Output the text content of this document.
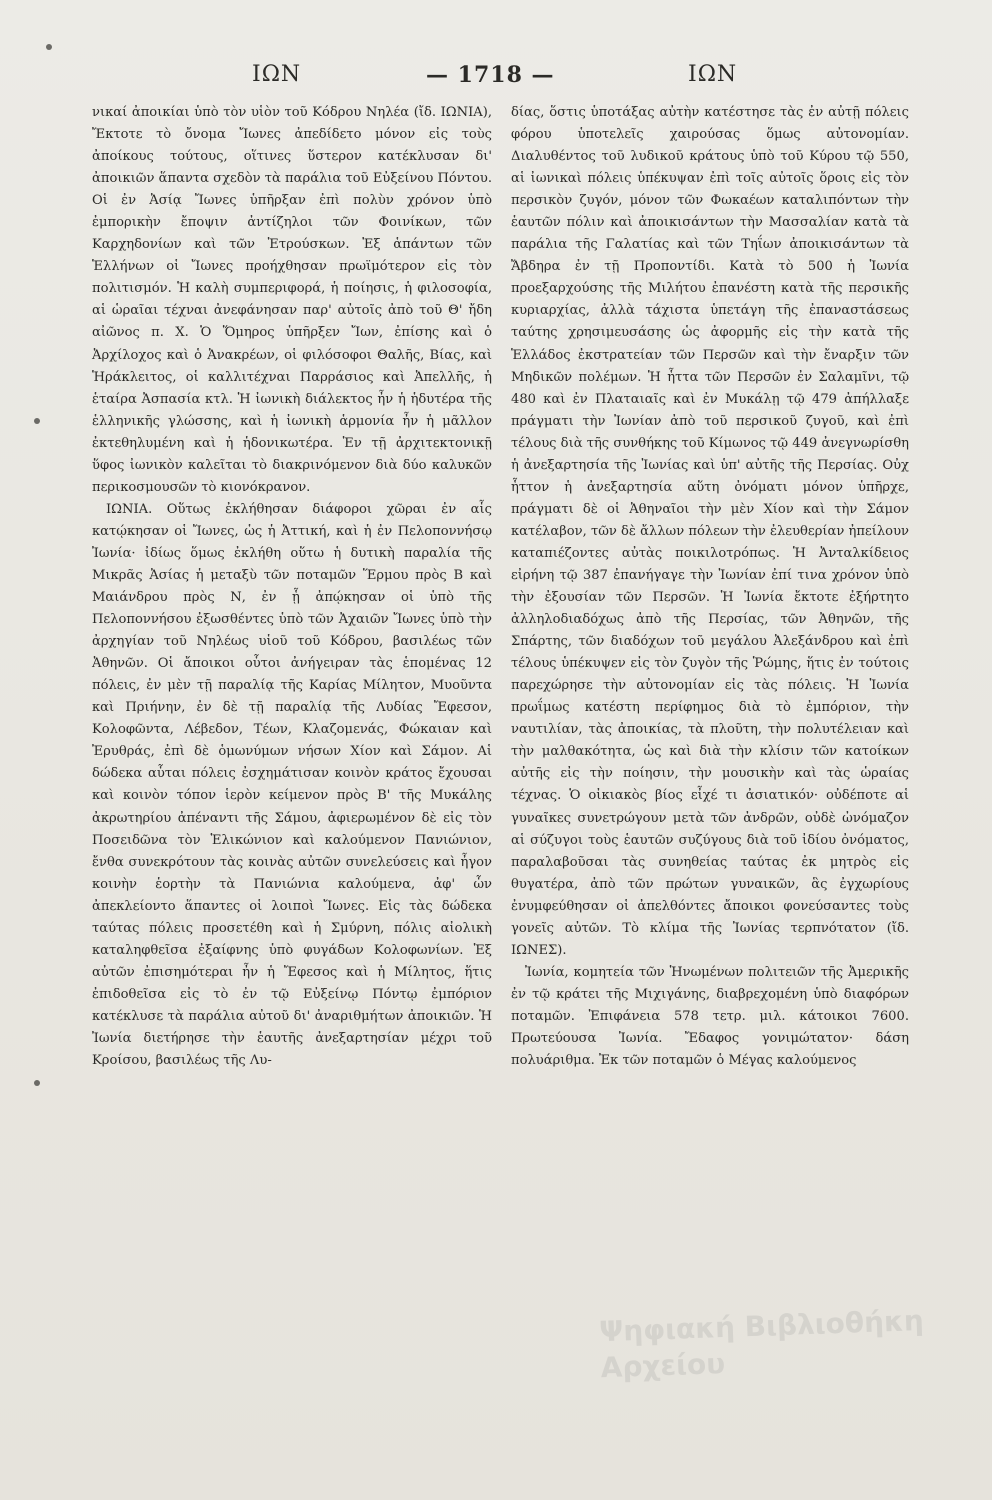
ΙΩΝ	— 1718 —	ΙΩΝ

νικαί ἀποικίαι ὑπὸ τὸν υἱὸν τοῦ Κόδρου Νηλέα (ἴδ. ΙΩΝΙΑ), Ἔκτοτε τὸ ὄνομα Ἴωνες ἀπεδίδετο μόνον εἰς τοὺς ἀποίκους τούτους, οἵτινες ὕστερον κατέκλυσαν δι' ἀποικιῶν ἅπαντα σχεδὸν τὰ παράλια τοῦ Εὐξείνου Πόντου. Οἱ ἐν Ἀσίᾳ Ἴωνες ὑπῆρξαν ἐπὶ πολὺν χρόνον ὑπὸ ἐμπορικὴν ἔποψιν ἀντίζηλοι τῶν Φοινίκων, τῶν Καρχηδονίων καὶ τῶν Ἐτρούσκων. Ἐξ ἁπάντων τῶν Ἑλλήνων οἱ Ἴωνες προήχθησαν πρωϊμότερον εἰς τὸν πολιτισμόν. Ἡ καλὴ συμπεριφορά, ἡ ποίησις, ἡ φιλοσοφία, αἱ ὡραῖαι τέχναι ἀνεφάνησαν παρ' αὐτοῖς ἀπὸ τοῦ Θ' ἤδη αἰῶνος π. Χ. Ὁ Ὅμηρος ὑπῆρξεν Ἴων, ἐπίσης καὶ ὁ Ἀρχίλοχος καὶ ὁ Ἀνακρέων, οἱ φιλόσοφοι Θαλῆς, Βίας, καὶ Ἡράκλειτος, οἱ καλλιτέχναι Παρράσιος καὶ Ἀπελλῆς, ἡ ἑταίρα Ἀσπασία κτλ. Ἡ ἰωνικὴ διάλεκτος ἦν ἡ ἡδυτέρα τῆς ἑλληνικῆς γλώσσης, καὶ ἡ ἰωνικὴ ἁρμονία ἦν ἡ μᾶλλον ἐκτεθηλυμένη καὶ ἡ ἡδονικωτέρα. Ἐν τῇ ἀρχιτεκτονικῇ ὕφος ἰωνικὸν καλεῖται τὸ διακρινόμενον διὰ δύο καλυκῶν περικοσμουσῶν τὸ κιονόκρανον.

ΙΩΝΙΑ. Οὕτως ἐκλήθησαν διάφοροι χῶραι ἐν αἷς κατῴκησαν οἱ Ἴωνες, ὡς ἡ Ἀττική, καὶ ἡ ἐν Πελοποννήσῳ Ἰωνία· ἰδίως ὅμως ἐκλήθη οὕτω ἡ δυτικὴ παραλία τῆς Μικρᾶς Ἀσίας ἡ μεταξὺ τῶν ποταμῶν Ἕρμου πρὸς Β καὶ Μαιάνδρου πρὸς Ν, ἐν ᾗ ἀπῴκησαν οἱ ὑπὸ τῆς Πελοποννήσου ἐξωσθέντες ὑπὸ τῶν Ἀχαιῶν Ἴωνες ὑπὸ τὴν ἀρχηγίαν τοῦ Νηλέως υἱοῦ τοῦ Κόδρου, βασιλέως τῶν Ἀθηνῶν. Οἱ ἄποικοι οὗτοι ἀνήγειραν τὰς ἑπομένας 12 πόλεις, ἐν μὲν τῇ παραλίᾳ τῆς Καρίας Μίλητον, Μυοῦντα καὶ Πριήνην, ἐν δὲ τῇ παραλίᾳ τῆς Λυδίας Ἔφεσον, Κολοφῶντα, Λέβεδον, Τέων, Κλαζομενάς, Φώκαιαν καὶ Ἐρυθράς, ἐπὶ δὲ ὁμωνύμων νήσων Χίον καὶ Σάμον. Αἱ δώδεκα αὗται πόλεις ἐσχημάτισαν κοινὸν κράτος ἔχουσαι καὶ κοινὸν τόπον ἱερὸν κείμενον πρὸς Β' τῆς Μυκάλης ἀκρωτηρίου ἀπέναντι τῆς Σάμου, ἀφιερωμένον δὲ εἰς τὸν Ποσειδῶνα τὸν Ἑλικώνιον καὶ καλούμενον Πανιώνιον, ἔνθα συνεκρότουν τὰς κοινὰς αὐτῶν συνελεύσεις καὶ ἦγον κοινὴν ἑορτὴν τὰ Πανιώνια καλούμενα, ἀφ' ὧν ἀπεκλείοντο ἅπαντες οἱ λοιποὶ Ἴωνες. Εἰς τὰς δώδεκα ταύτας πόλεις προσετέθη καὶ ἡ Σμύρνη, πόλις αἰολικὴ καταληφθεῖσα ἐξαίφνης ὑπὸ φυγάδων Κολοφωνίων. Ἐξ αὐτῶν ἐπισημότεραι ἦν ἡ Ἔφεσος καὶ ἡ Μίλητος, ἥτις ἐπιδοθεῖσα εἰς τὸ ἐν τῷ Εὐξείνῳ Πόντῳ ἐμπόριον κατέκλυσε τὰ παράλια αὐτοῦ δι' ἀναριθμήτων ἀποικιῶν. Ἡ Ἰωνία διετήρησε τὴν ἑαυτῆς ἀνεξαρτησίαν μέχρι τοῦ Κροίσου, βασιλέως τῆς Λυ-

δίας, ὅστις ὑποτάξας αὐτὴν κατέστησε τὰς ἐν αὐτῇ πόλεις φόρου ὑποτελεῖς χαιρούσας ὅμως αὐτονομίαν. Διαλυθέντος τοῦ λυδικοῦ κράτους ὑπὸ τοῦ Κύρου τῷ 550, αἱ ἰωνικαὶ πόλεις ὑπέκυψαν ἐπὶ τοῖς αὐτοῖς ὅροις εἰς τὸν περσικὸν ζυγόν, μόνον τῶν Φωκαέων καταλιπόντων τὴν ἑαυτῶν πόλιν καὶ ἀποικισάντων τὴν Μασσαλίαν κατὰ τὰ παράλια τῆς Γαλατίας καὶ τῶν Τηΐων ἀποικισάντων τὰ Ἄβδηρα ἐν τῇ Προποντίδι. Κατὰ τὸ 500 ἡ Ἰωνία προεξαρχούσης τῆς Μιλήτου ἐπανέστη κατὰ τῆς περσικῆς κυριαρχίας, ἀλλὰ τάχιστα ὑπετάγη τῆς ἐπαναστάσεως ταύτης χρησιμευσάσης ὡς ἀφορμῆς εἰς τὴν κατὰ τῆς Ἑλλάδος ἐκστρατείαν τῶν Περσῶν καὶ τὴν ἔναρξιν τῶν Μηδικῶν πολέμων. Ἡ ἧττα τῶν Περσῶν ἐν Σαλαμῖνι, τῷ 480 καὶ ἐν Πλαταιαῖς καὶ ἐν Μυκάλῃ τῷ 479 ἀπήλλαξε πράγματι τὴν Ἰωνίαν ἀπὸ τοῦ περσικοῦ ζυγοῦ, καὶ ἐπὶ τέλους διὰ τῆς συνθήκης τοῦ Κίμωνος τῷ 449 ἀνεγνωρίσθη ἡ ἀνεξαρτησία τῆς Ἰωνίας καὶ ὑπ' αὐτῆς τῆς Περσίας. Οὐχ ἧττον ἡ ἀνεξαρτησία αὕτη ὀνόματι μόνον ὑπῆρχε, πράγματι δὲ οἱ Ἀθηναῖοι τὴν μὲν Χίον καὶ τὴν Σάμον κατέλαβον, τῶν δὲ ἄλλων πόλεων τὴν ἐλευθερίαν ἠπείλουν καταπιέζοντες αὐτὰς ποικιλοτρόπως. Ἡ Ἀνταλκίδειος εἰρήνη τῷ 387 ἐπανήγαγε τὴν Ἰωνίαν ἐπί τινα χρόνον ὑπὸ τὴν ἐξουσίαν τῶν Περσῶν. Ἡ Ἰωνία ἔκτοτε ἐξήρτητο ἀλληλοδιαδόχως ἀπὸ τῆς Περσίας, τῶν Ἀθηνῶν, τῆς Σπάρτης, τῶν διαδόχων τοῦ μεγάλου Ἀλεξάνδρου καὶ ἐπὶ τέλους ὑπέκυψεν εἰς τὸν ζυγὸν τῆς Ῥώμης, ἥτις ἐν τούτοις παρεχώρησε τὴν αὐτονομίαν εἰς τὰς πόλεις. Ἡ Ἰωνία πρωΐμως κατέστη περίφημος διὰ τὸ ἐμπόριον, τὴν ναυτιλίαν, τὰς ἀποικίας, τὰ πλοῦτη, τὴν πολυτέλειαν καὶ τὴν μαλθακότητα, ὡς καὶ διὰ τὴν κλίσιν τῶν κατοίκων αὐτῆς εἰς τὴν ποίησιν, τὴν μουσικὴν καὶ τὰς ὡραίας τέχνας. Ὁ οἰκιακὸς βίος εἶχέ τι ἀσιατικόν· οὐδέποτε αἱ γυναῖκες συνετρώγουν μετὰ τῶν ἀνδρῶν, οὐδὲ ὠνόμαζον αἱ σύζυγοι τοὺς ἑαυτῶν συζύγους διὰ τοῦ ἰδίου ὀνόματος, παραλαβοῦσαι τὰς συνηθείας ταύτας ἐκ μητρὸς εἰς θυγατέρα, ἀπὸ τῶν πρώτων γυναικῶν, ἃς ἐγχωρίους ἐνυμφεύθησαν οἱ ἀπελθόντες ἄποικοι φονεύσαντες τοὺς γονεῖς αὐτῶν. Τὸ κλίμα τῆς Ἰωνίας τερπνότατον (ἴδ. ΙΩΝΕΣ).

Ἰωνία, κομητεία τῶν Ἡνωμένων πολιτειῶν τῆς Ἀμερικῆς ἐν τῷ κράτει τῆς Μιχιγάνης, διαβρεχομένη ὑπὸ διαφόρων ποταμῶν. Ἐπιφάνεια 578 τετρ. μιλ. κάτοικοι 7600. Πρωτεύουσα Ἰωνία. Ἔδαφος γονιμώτατον· δάση πολυάριθμα. Ἐκ τῶν ποταμῶν ὁ Μέγας καλούμενος

Ψηφιακή Βιβλιοθήκη Αρχείου
